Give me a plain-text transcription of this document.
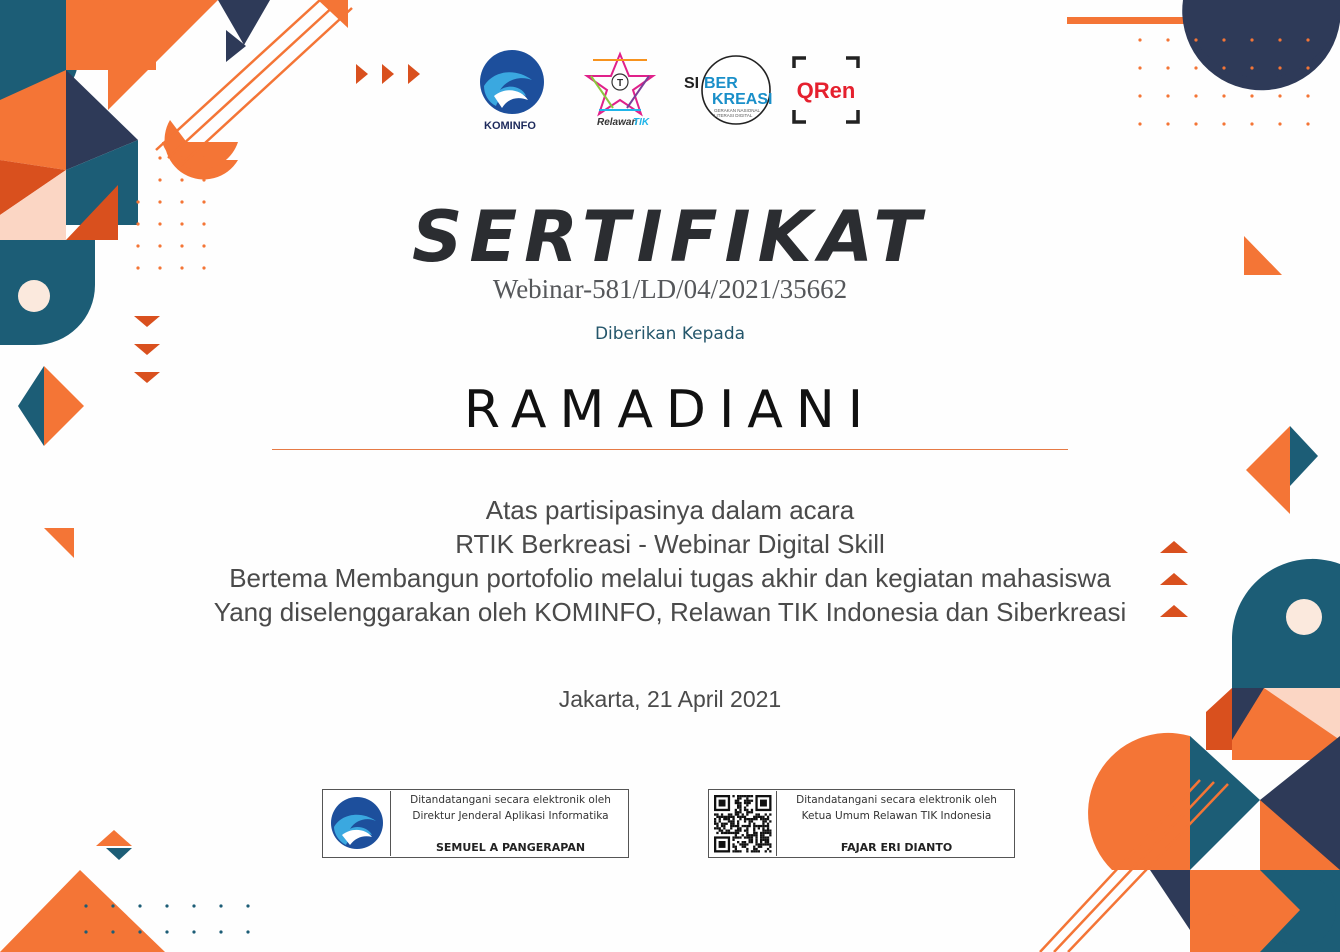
KOMINFO
T
Relawan
TIK
SI BER
KREASI
GERAKAN NASIONAL
LITERASI DIGITAL
QRen
SERTIFIKAT
Webinar-581/LD/04/2021/35662
Diberikan Kepada
RAMADIANI
Atas partisipasinya dalam acara
RTIK Berkreasi - Webinar Digital Skill
Bertema Membangun portofolio melalui tugas akhir dan kegiatan mahasiswa
Yang diselenggarakan oleh KOMINFO, Relawan TIK Indonesia dan Siberkreasi
Jakarta, 21 April 2021
Ditandatangani secara elektronik oleh
Direktur Jenderal Aplikasi Informatika
SEMUEL A PANGERAPAN
Ditandatangani secara elektronik oleh
Ketua Umum Relawan TIK Indonesia
FAJAR ERI DIANTO
